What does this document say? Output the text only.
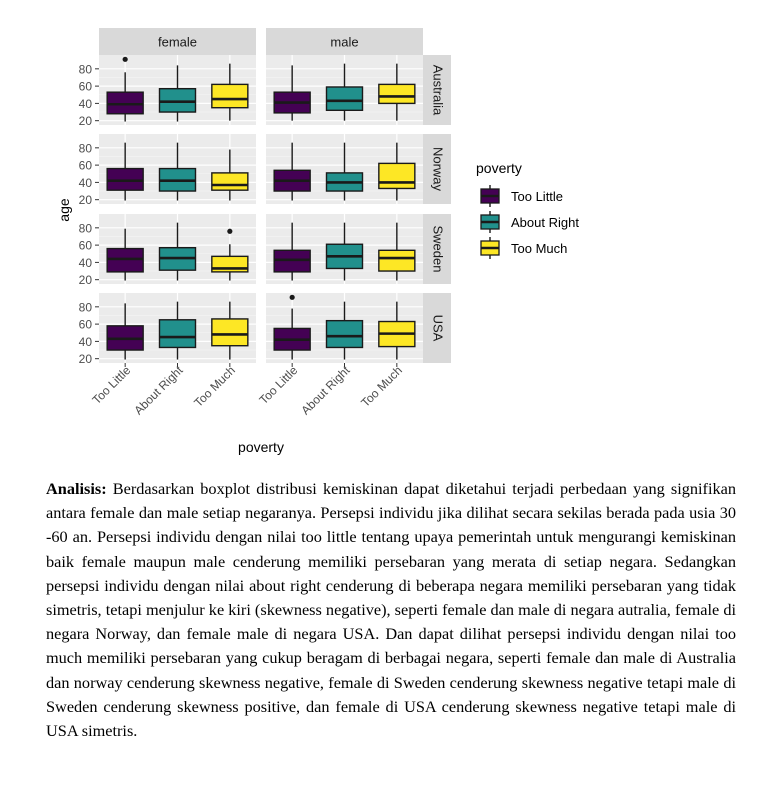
female	male
Australia
Norway
Sweden
USA
20
40
60
80
20
40
60
80
20
40
60
80
20
40
60
80
Too Little
About Right Too Much Too Little
About Right Too Much
poverty
age
poverty
Too Little
About Right
Too Much

Analisis: Berdasarkan boxplot distribusi kemiskinan dapat diketahui terjadi perbedaan yang signifikan antara female dan male setiap negaranya. Persepsi individu jika dilihat secara sekilas berada pada usia 30 -60 an. Persepsi individu dengan nilai too little tentang upaya pemerintah untuk mengurangi kemiskinan baik female maupun male cenderung memiliki persebaran yang merata di setiap negara. Sedangkan persepsi individu dengan nilai about right cenderung di beberapa negara memiliki persebaran yang tidak simetris, tetapi menjulur ke kiri (skewness negative), seperti female dan male di negara autralia, female di negara Norway, dan female male di negara USA. Dan dapat dilihat persepsi individu dengan nilai too much memiliki persebaran yang cukup beragam di berbagai negara, seperti female dan male di Australia dan norway cenderung skewness negative, female di Sweden cenderung skewness negative tetapi male di Sweden cenderung skewness positive, dan female di USA cenderung skewness negative tetapi male di USA simetris.
